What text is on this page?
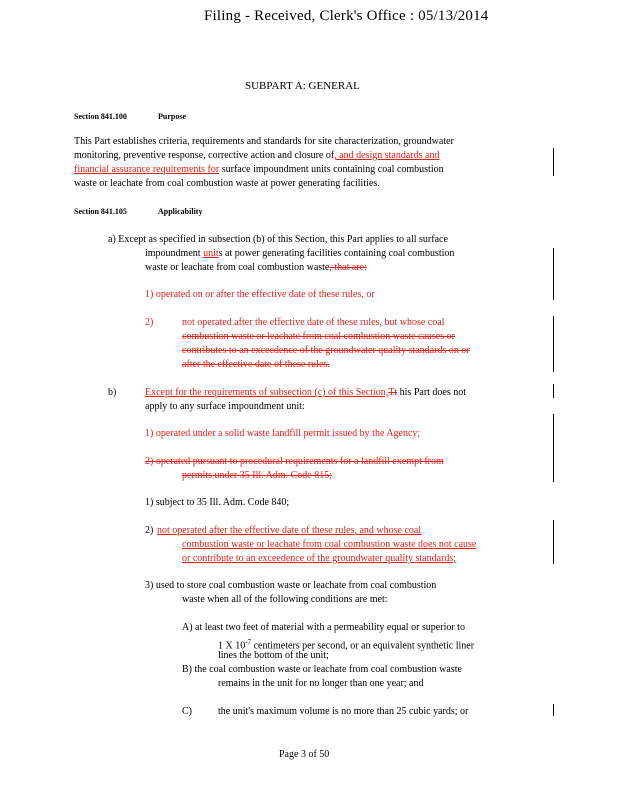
Filing - Received, Clerk's Office : 05/13/2014
SUBPART A: GENERAL
Section 841.100	Purpose
This Part establishes criteria, requirements and standards for site characterization, groundwater
monitoring, preventive response, corrective action and closure of, and design standards and
financial assurance requirements for surface impoundment units containing coal combustion
waste or leachate from coal combustion waste at power generating facilities.
Section 841.105	Applicability
a) Except as specified in subsection (b) of this Section, this Part applies to all surface
impoundment units at power generating facilities containing coal combustion
waste or leachate from coal combustion waste, that are:
1) operated on or after the effective date of these rules, or
2)	not operated after the effective date of these rules, but whose coal
combustion waste or leachate from coal combustion waste causes or
contributes to an exceedence of the groundwater quality standards on or
after the effective date of these rules.
b)	Except for the requirements of subsection (c) of this Section,Tt his Part does not
apply to any surface impoundment unit:
1) operated under a solid waste landfill permit issued by the Agency;
2) operated pursuant to procedural requirements for a landfill exempt from
permits under 35 Ill. Adm. Code 815;
1) subject to 35 Ill. Adm. Code 840;
2) not operated after the effective date of these rules, and whose coal
combustion waste or leachate from coal combustion waste does not cause
or contribute to an exceedence of the groundwater quality standards;
3) used to store coal combustion waste or leachate from coal combustion
waste when all of the following conditions are met:
A) at least two feet of material with a permeability equal or superior to
1 X $10^{-7}$ centimeters per second, or an equivalent synthetic liner
lines the bottom of the unit;
B) the coal combustion waste or leachate from coal combustion waste
remains in the unit for no longer than one year; and
C)	the unit's maximum volume is no more than 25 cubic yards; or
Page 3 of 50
